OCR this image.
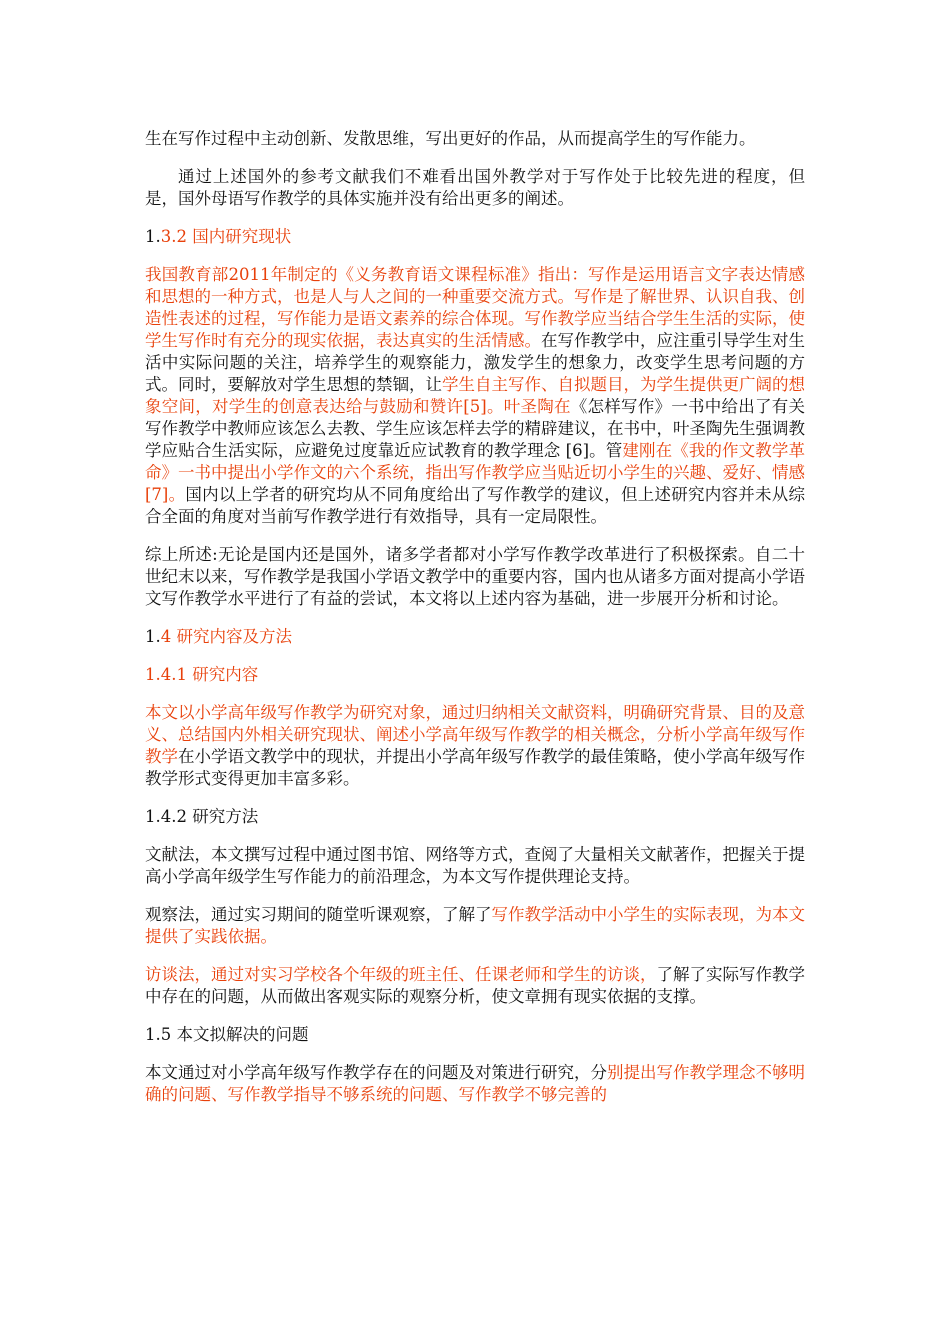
生在写作过程中主动创新、发散思维，写出更好的作品，从而提高学生的写作能力。

通过上述国外的参考文献我们不难看出国外教学对于写作处于比较先进的程度，但 是，国外母语写作教学的具体实施并没有给出更多的阐述。

1.3.2 国内研究现状

我国教育部2011年制定的《义务教育语文课程标准》指出：写作是运用语言文字表达情感和思想的一种方式，也是人与人之间的一种重要交流方式。写作是了解世界、认识自我、创造性表述的过程，写作能力是语文素养的综合体现。写作教学应当结合学生生活的实际，使学生写作时有充分的现实依据，表达真实的生活情感。在写作教学中，应注重引导学生对生活中实际问题的关注，培养学生的观察能力，激发学生的想象力，改变学生思考问题的方式。同时，要解放对学生思想的禁锢，让学生自主写作、自拟题目，为学生提供更广阔的想象空间，对学生的创意表达给与鼓励和赞许[5]。叶圣陶在《怎样写作》一书中给出了有关写作教学中教师应该怎么去教、学生应该怎样去学的精辟建议，在书中，叶圣陶先生强调教学应贴合生活实际，应避免过度靠近应试教育的教学理念 [6]。管建刚在《我的作文教学革命》一书中提出小学作文的六个系统，指出写作教学应当贴近切小学生的兴趣、爱好、情感 [7]。国内以上学者的研究均从不同角度给出了写作教学的建议，但上述研究内容并未从综合全面的角度对当前写作教学进行有效指导，具有一定局限性。

综上所述:无论是国内还是国外，诸多学者都对小学写作教学改革进行了积极探索。自二十世纪末以来，写作教学是我国小学语文教学中的重要内容，国内也从诸多方面对提高小学语文写作教学水平进行了有益的尝试，本文将以上述内容为基础，进一步展开分析和讨论。

1.4 研究内容及方法
1.4.1 研究内容

本文以小学高年级写作教学为研究对象，通过归纳相关文献资料，明确研究背景、目的及意义、总结国内外相关研究现状、阐述小学高年级写作教学的相关概念，分析小学高年级写作教学在小学语文教学中的现状，并提出小学高年级写作教学的最佳策略，使小学高年级写作教学形式变得更加丰富多彩。

1.4.2 研究方法

文献法，本文撰写过程中通过图书馆、网络等方式，查阅了大量相关文献著作，把握关于提高小学高年级学生写作能力的前沿理念，为本文写作提供理论支持。

观察法，通过实习期间的随堂听课观察，了解了写作教学活动中小学生的实际表现，为本文提供了实践依据。

访谈法，通过对实习学校各个年级的班主任、任课老师和学生的访谈，了解了实际写作教学中存在的问题，从而做出客观实际的观察分析，使文章拥有现实依据的支撑。

1.5 本文拟解决的问题

本文通过对小学高年级写作教学存在的问题及对策进行研究，分别提出写作教学理念不够明确的问题、写作教学指导不够系统的问题、写作教学不够完善的
